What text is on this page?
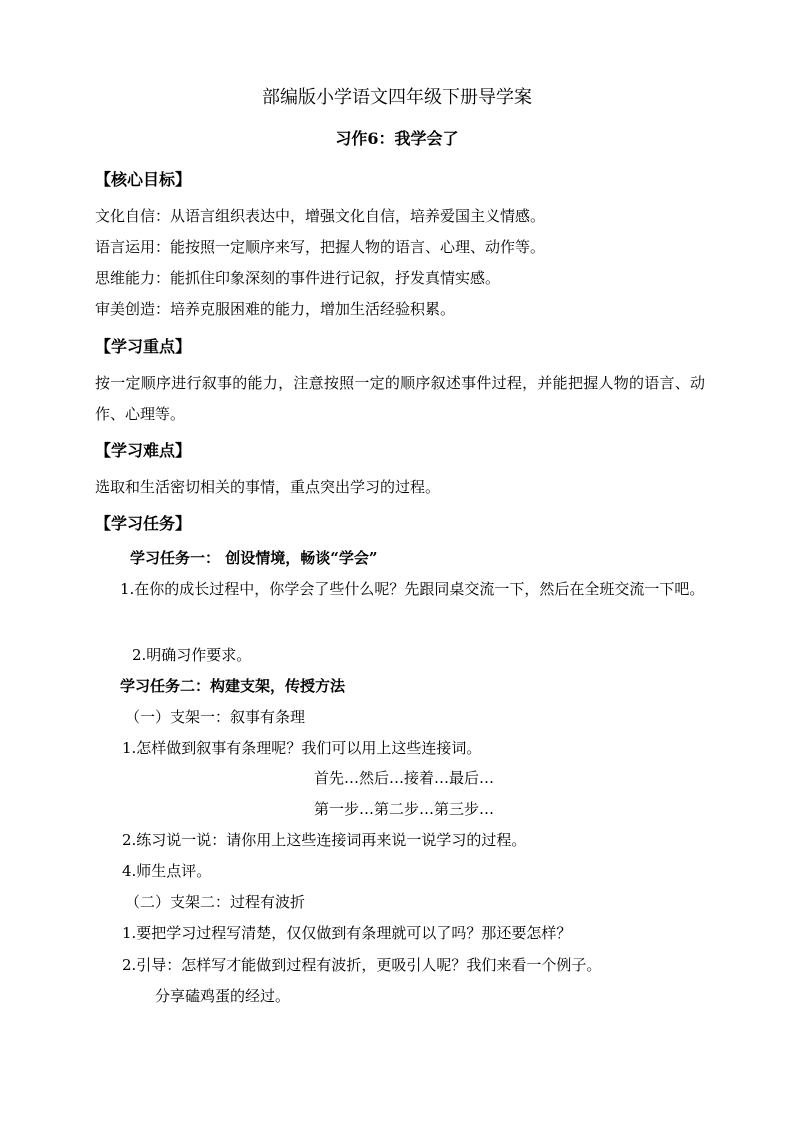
部编版小学语文四年级下册导学案
习作6：我学会了
【核心目标】
文化自信：从语言组织表达中，增强文化自信，培养爱国主义情感。
语言运用：能按照一定顺序来写，把握人物的语言、心理、动作等。
思维能力：能抓住印象深刻的事件进行记叙，抒发真情实感。
审美创造：培养克服困难的能力，增加生活经验积累。
【学习重点】
按一定顺序进行叙事的能力，注意按照一定的顺序叙述事件过程，并能把握人物的语言、动作、心理等。
【学习难点】
选取和生活密切相关的事情，重点突出学习的过程。
【学习任务】
学习任务一： 创设情境，畅谈“学会”
1.在你的成长过程中，你学会了些什么呢？先跟同桌交流一下，然后在全班交流一下吧。
2.明确习作要求。
学习任务二：构建支架，传授方法
（一）支架一：叙事有条理
1.怎样做到叙事有条理呢？我们可以用上这些连接词。
首先…然后…接着…最后…
第一步…第二步…第三步…
2.练习说一说：请你用上这些连接词再来说一说学习的过程。
4.师生点评。
（二）支架二：过程有波折
1.要把学习过程写清楚，仅仅做到有条理就可以了吗？那还要怎样？
2.引导：怎样写才能做到过程有波折，更吸引人呢？我们来看一个例子。
分享磕鸡蛋的经过。
